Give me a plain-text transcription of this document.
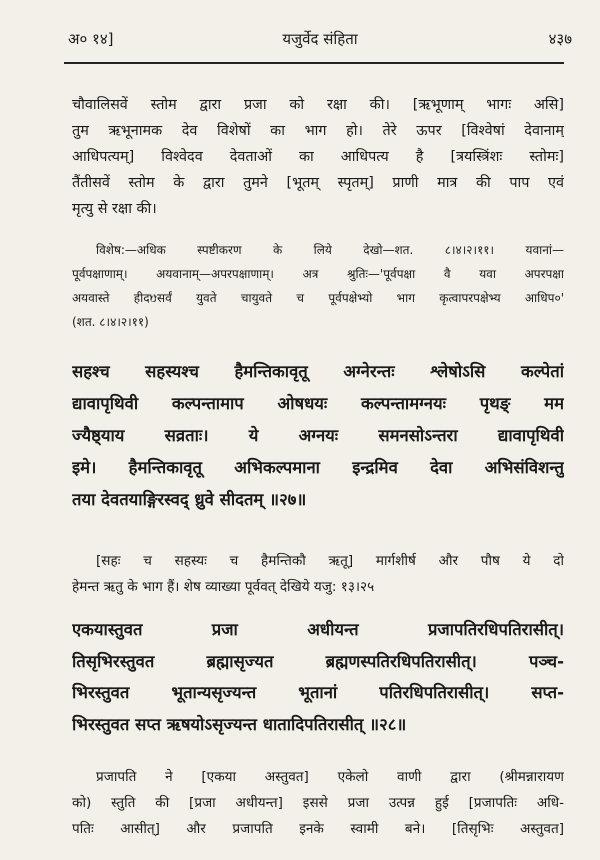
अ० १४]	यजुर्वेद संहिता	४३७
चौवालिसवें स्तोम द्वारा प्रजा को रक्षा की। [ऋभूणाम् भागः असि]
तुम ऋभूनामक देव विशेषों का भाग हो। तेरे ऊपर [विश्वेषां देवानाम्
आधिपत्यम्] विश्वेदव देवताओं का आधिपत्य है [त्रयस्त्रिंशः स्तोमः]
तैंतीसवें स्तोम के द्वारा तुमने [भूतम् स्पृतम्] प्राणी मात्र की पाप एवं
मृत्यु से रक्षा की।
विशेष:—अधिक स्पष्टीकरण के लिये देखो—शत. ८।४।२।११। यवानां—
पूर्वपक्षाणाम्। अयवानाम्—अपरपक्षाणाम्। अत्र श्रुतिः—'पूर्वपक्षा वै यवा अपरपक्षा
अयवास्ते हीदᳪसर्वं युवते चायुवते च पूर्वपक्षेभ्यो भाग कृत्वापरपक्षेभ्य आधिप०'
(शत. ८।४।२।११)
सहश्च सहस्यश्च हैमन्तिकावृतू अग्नेरन्तः श्लेषोऽसि कल्पेतां
द्यावापृथिवी कल्पन्तामाप ओषधयः कल्पन्तामग्नयः पृथङ् मम
ज्यैष्ठ्याय सव्रताः। ये अग्नयः समनसोऽन्तरा द्यावापृथिवी
इमे। हैमन्तिकावृतू अभिकल्पमाना इन्द्रमिव देवा अभिसंविशन्तु
तया देवतयाङ्गिरस्वद् ध्रुवे सीदतम् ॥२७॥
[सहः च सहस्यः च हैमन्तिकौ ऋतू] मार्गशीर्ष और पौष ये दो
हेमन्त ऋतु के भाग हैं। शेष व्याख्या पूर्ववत् देखिये यजु: १३।२५
एकयास्तुवत प्रजा अधीयन्त प्रजापतिरधिपतिरासीत्।
तिसृभिरस्तुवत ब्रह्मासृज्यत ब्रह्मणस्पतिरधिपतिरासीत्। पञ्च-
भिरस्तुवत भूतान्यसृज्यन्त भूतानां पतिरधिपतिरासीत्। सप्त-
भिरस्तुवत सप्त ऋषयोऽसृज्यन्त धातादिपतिरासीत् ॥२८॥
प्रजापति ने [एकया अस्तुवत] एकेलो वाणी द्वारा (श्रीमन्नारायण
को) स्तुति की [प्रजा अधीयन्त] इससे प्रजा उत्पन्न हुई [प्रजापतिः अधि-
पतिः आसीत्] और प्रजापति इनके स्वामी बने। [तिसृभिः अस्तुवत]
